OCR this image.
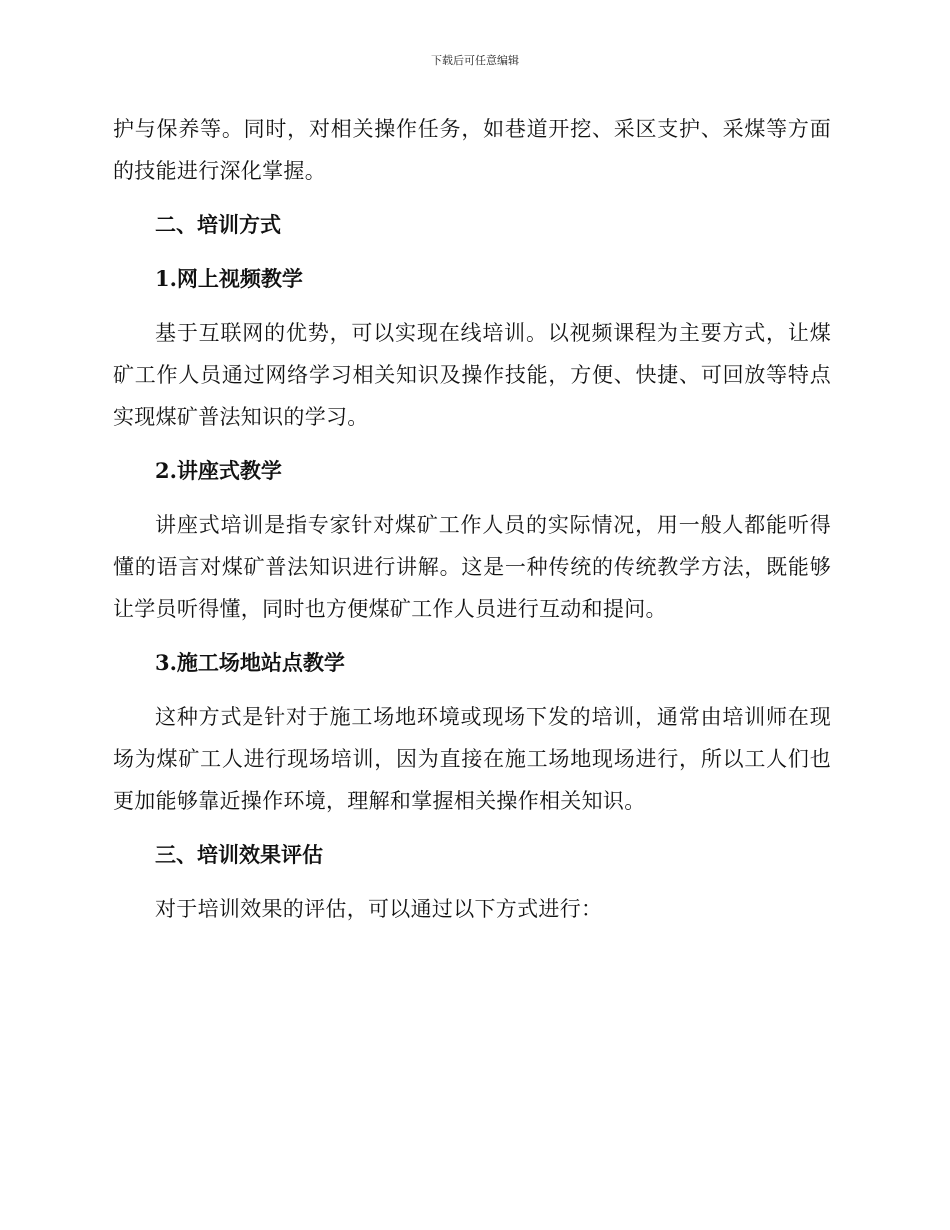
下载后可任意编辑

护与保养等。同时，对相关操作任务，如巷道开挖、采区支护、采煤等方面的技能进行深化掌握。

二、培训方式
1.网上视频教学

基于互联网的优势，可以实现在线培训。以视频课程为主要方式，让煤矿工作人员通过网络学习相关知识及操作技能，方便、快捷、可回放等特点实现煤矿普法知识的学习。

2.讲座式教学

讲座式培训是指专家针对煤矿工作人员的实际情况，用一般人都能听得懂的语言对煤矿普法知识进行讲解。这是一种传统的传统教学方法，既能够让学员听得懂，同时也方便煤矿工作人员进行互动和提问。

3.施工场地站点教学

这种方式是针对于施工场地环境或现场下发的培训，通常由培训师在现场为煤矿工人进行现场培训，因为直接在施工场地现场进行，所以工人们也更加能够靠近操作环境，理解和掌握相关操作相关知识。

三、培训效果评估

对于培训效果的评估，可以通过以下方式进行：
